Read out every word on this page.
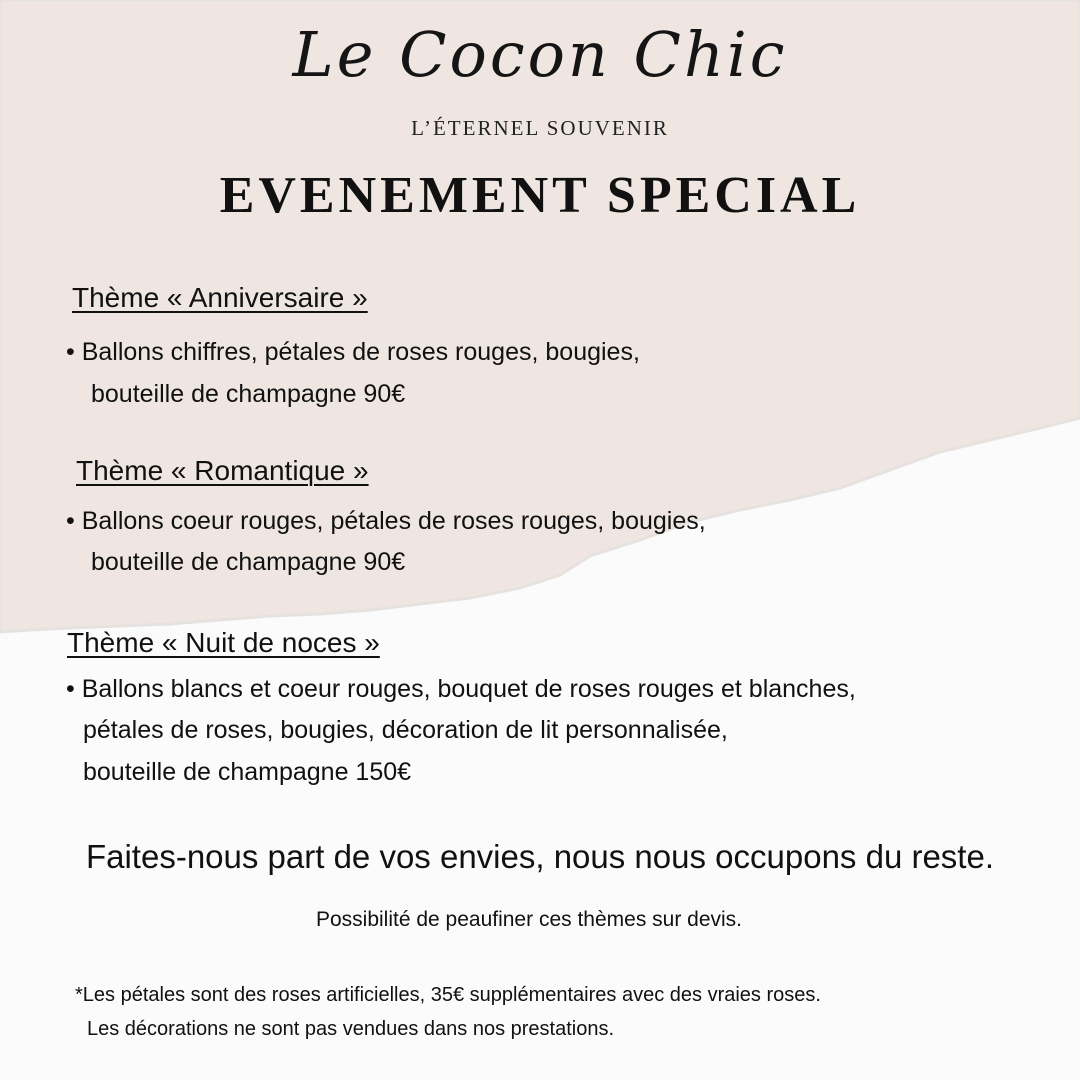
Le Cocon Chic
L’ÉTERNEL SOUVENIR
EVENEMENT SPECIAL
Thème « Anniversaire »
• Ballons chiffres, pétales de roses rouges, bougies,
bouteille de champagne 90€
Thème « Romantique »
• Ballons coeur rouges, pétales de roses rouges, bougies,
bouteille de champagne 90€
Thème « Nuit de noces »
• Ballons blancs et coeur rouges, bouquet de roses rouges et blanches,
pétales de roses, bougies, décoration de lit personnalisée,
bouteille de champagne 150€
Faites-nous part de vos envies, nous nous occupons du reste.
Possibilité de peaufiner ces thèmes sur devis.
*Les pétales sont des roses artificielles, 35€ supplémentaires avec des vraies roses.
Les décorations ne sont pas vendues dans nos prestations.
